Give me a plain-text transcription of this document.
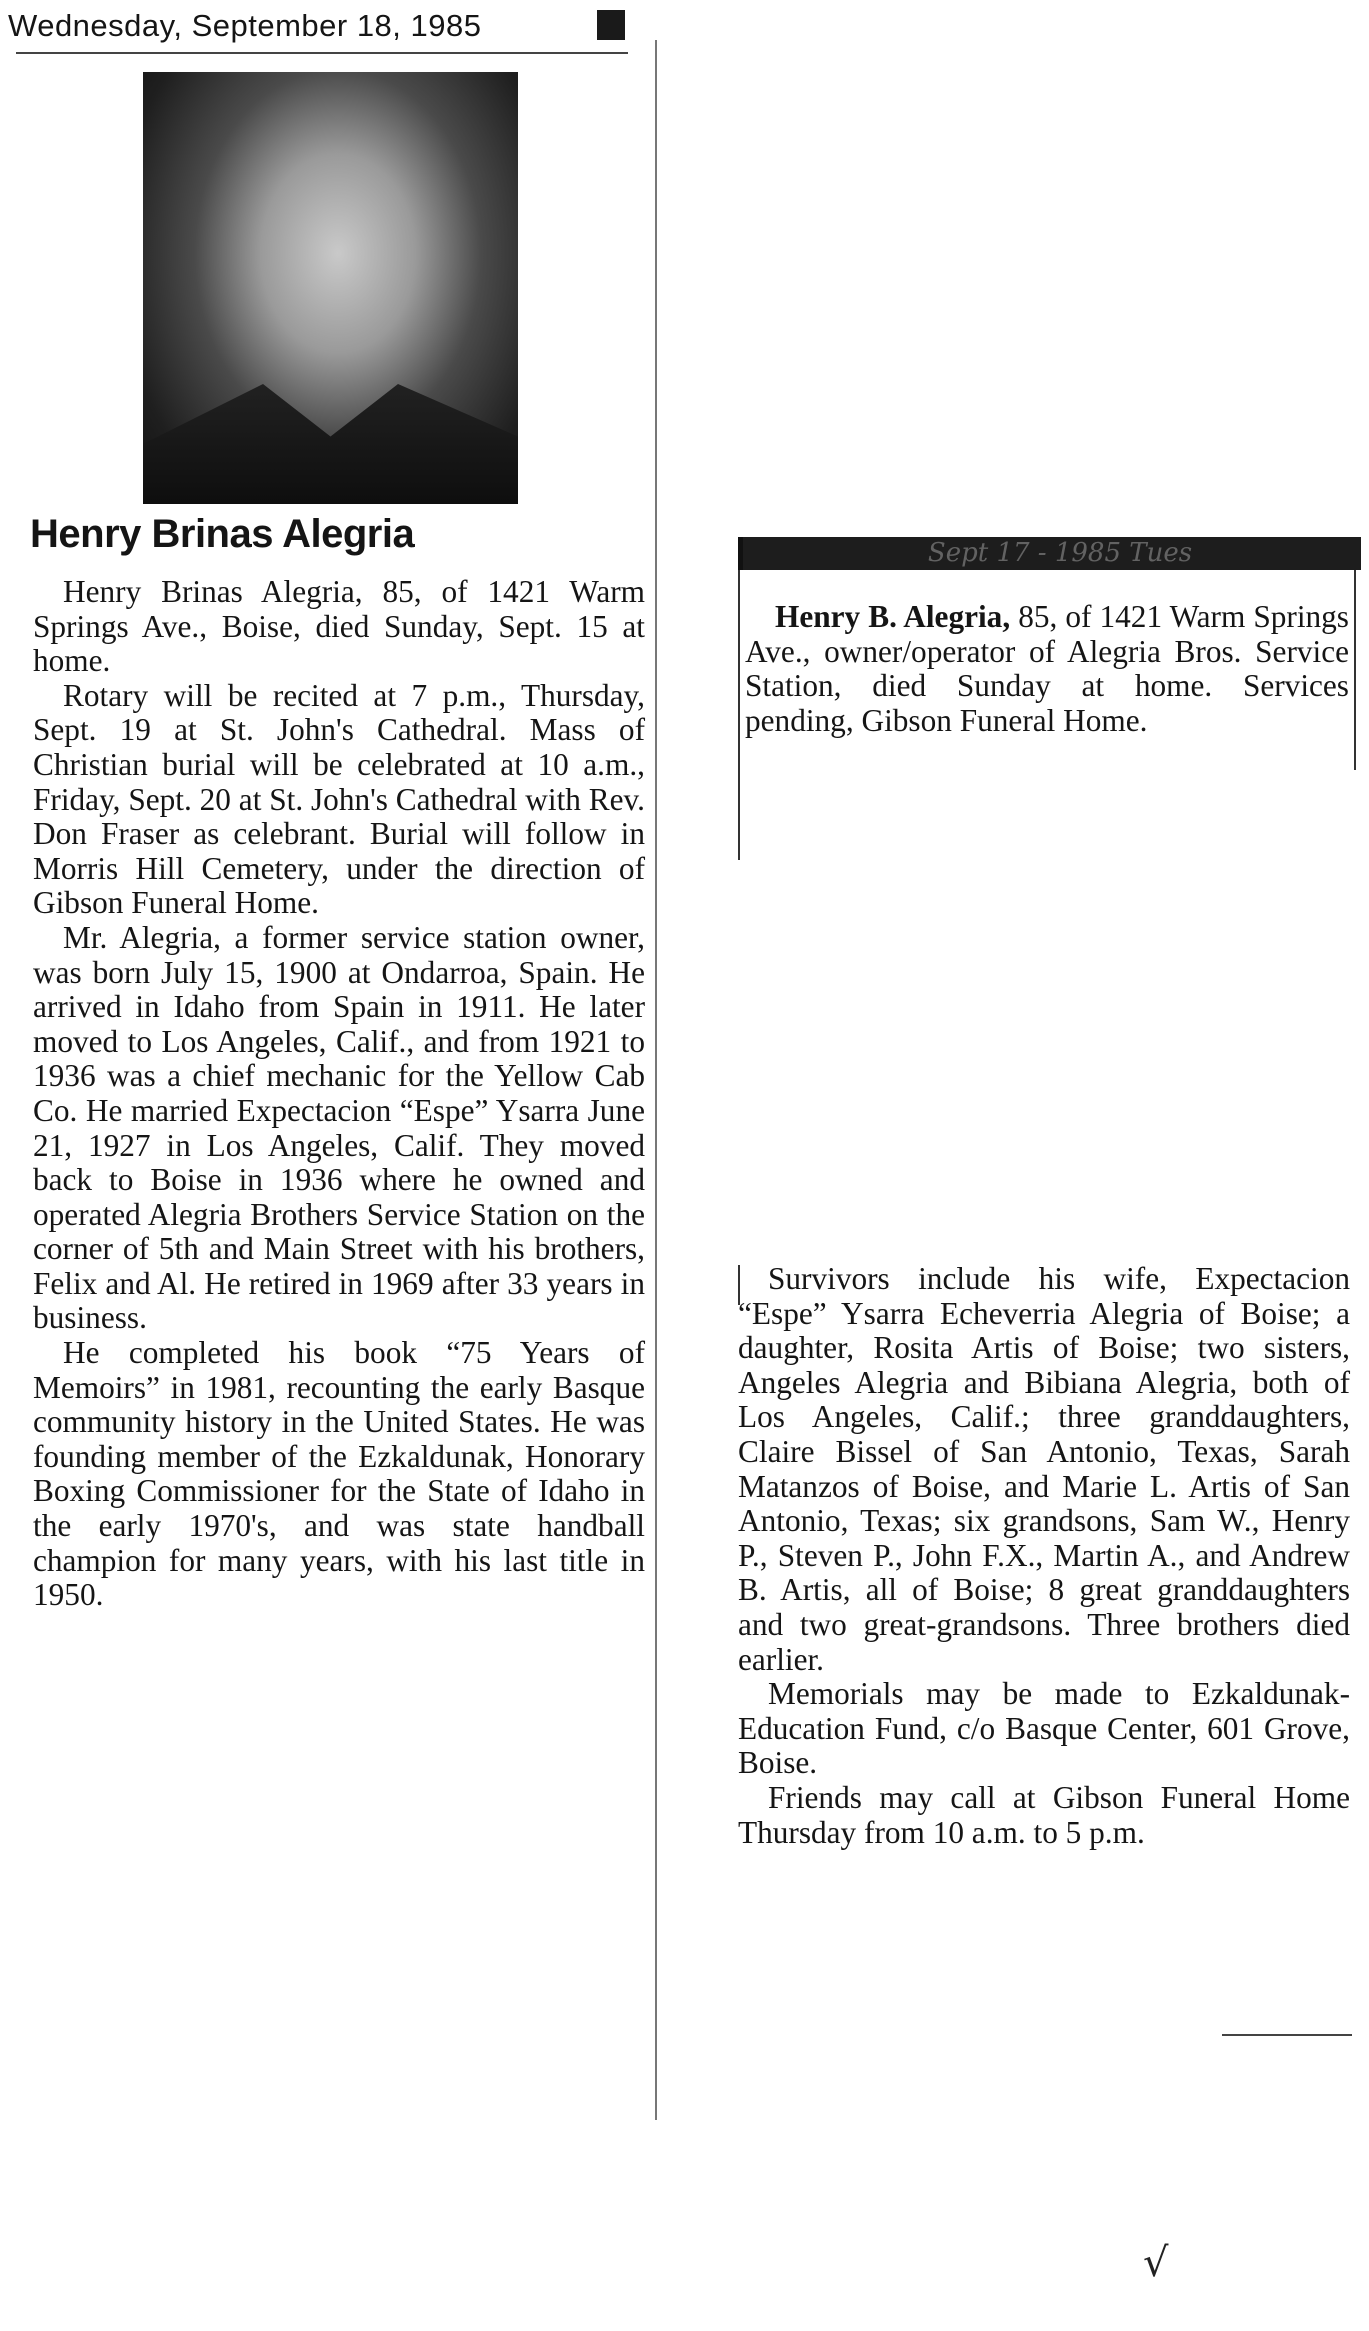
Wednesday, September 18, 1985
Henry Brinas Alegria

Henry Brinas Alegria, 85, of 1421 Warm Springs Ave., Boise, died Sunday, Sept. 15 at home.

Rotary will be recited at 7 p.m., Thursday, Sept. 19 at St. John's Cathedral. Mass of Christian burial will be celebrated at 10 a.m., Friday, Sept. 20 at St. John's Cathedral with Rev. Don Fraser as celebrant. Burial will follow in Morris Hill Cemetery, under the direction of Gibson Funeral Home.

Mr. Alegria, a former service station owner, was born July 15, 1900 at Ondarroa, Spain. He arrived in Idaho from Spain in 1911. He later moved to Los Angeles, Calif., and from 1921 to 1936 was a chief mechanic for the Yellow Cab Co. He married Expectacion “Espe” Ysarra June 21, 1927 in Los Angeles, Calif. They moved back to Boise in 1936 where he owned and operated Alegria Brothers Service Station on the corner of 5th and Main Street with his brothers, Felix and Al. He retired in 1969 after 33 years in business.

He completed his book “75 Years of Memoirs” in 1981, recounting the early Basque community history in the United States. He was founding member of the Ezkaldunak, Honorary Boxing Commissioner for the State of Idaho in the early 1970's, and was state handball champion for many years, with his last title in 1950.

Sept 17 - 1985 Tues

Henry B. Alegria, 85, of 1421 Warm Springs Ave., owner/operator of Alegria Bros. Service Station, died Sunday at home. Services pending, Gibson Funeral Home.

Survivors include his wife, Expectacion “Espe” Ysarra Echeverria Alegria of Boise; a daughter, Rosita Artis of Boise; two sisters, Angeles Alegria and Bibiana Alegria, both of Los Angeles, Calif.; three granddaughters, Claire Bissel of San Antonio, Texas, Sarah Matanzos of Boise, and Marie L. Artis of San Antonio, Texas; six grandsons, Sam W., Henry P., Steven P., John F.X., Martin A., and Andrew B. Artis, all of Boise; 8 great granddaughters and two great-grandsons. Three brothers died earlier.

Memorials may be made to Ezkaldunak-Education Fund, c/o Basque Center, 601 Grove, Boise.

Friends may call at Gibson Funeral Home Thursday from 10 a.m. to 5 p.m.

√
